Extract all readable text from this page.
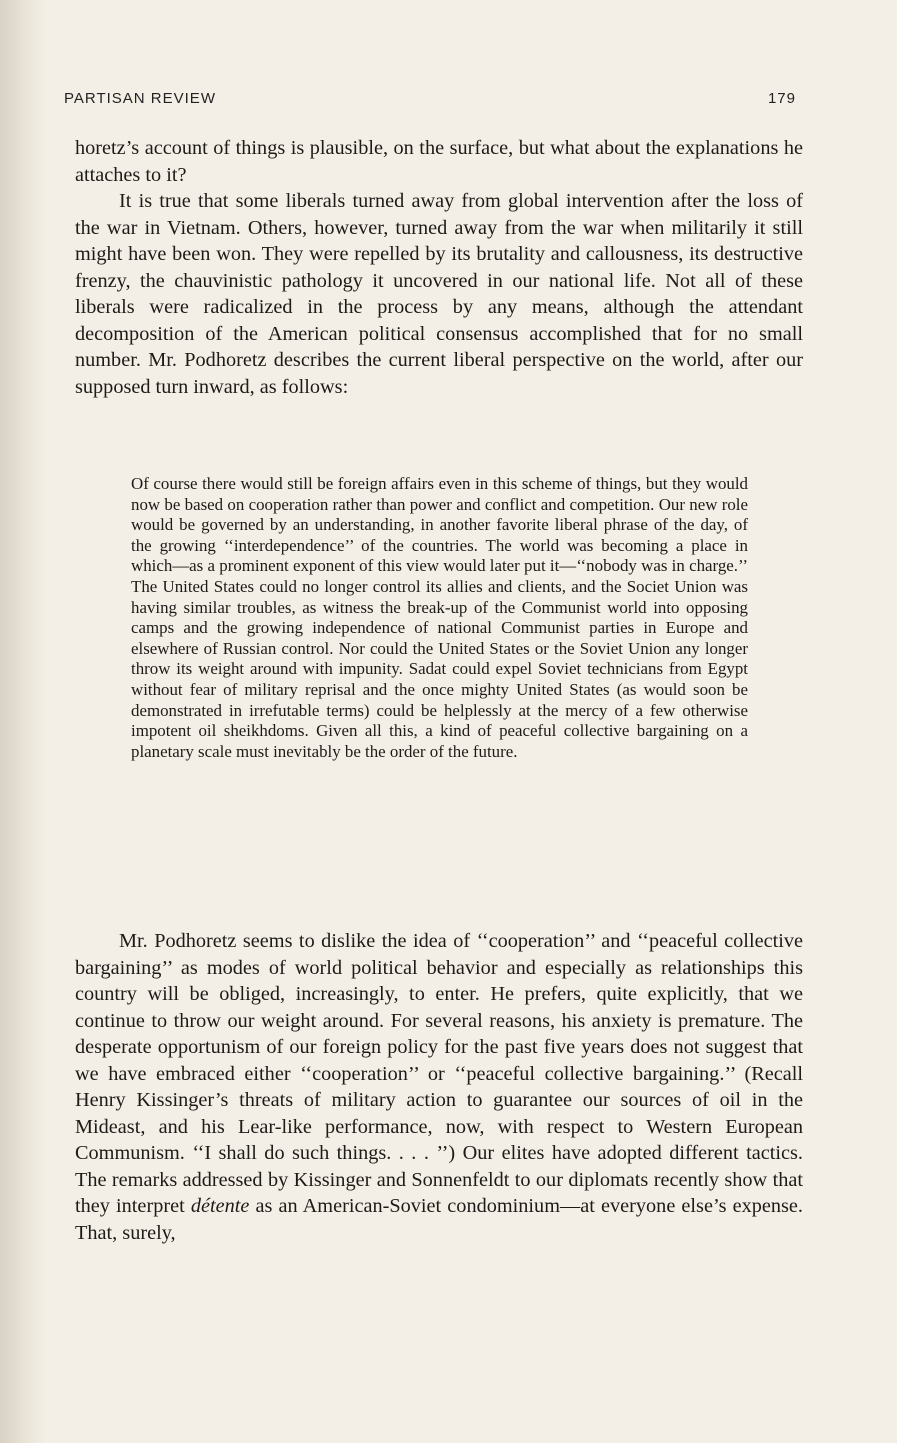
PARTISAN REVIEW	179

horetz’s account of things is plausible, on the surface, but what about the explanations he attaches to it?

It is true that some liberals turned away from global intervention after the loss of the war in Vietnam. Others, however, turned away from the war when militarily it still might have been won. They were repelled by its brutality and callousness, its destructive frenzy, the chauvinistic pathology it uncovered in our national life. Not all of these liberals were radicalized in the process by any means, although the attendant decomposition of the American political consensus accomplished that for no small number. Mr. Podhoretz describes the current liberal perspective on the world, after our supposed turn inward, as follows:

Of course there would still be foreign affairs even in this scheme of things, but they would now be based on cooperation rather than power and conflict and competition. Our new role would be governed by an understanding, in another favorite liberal phrase of the day, of the growing ‘‘interdependence’’ of the countries. The world was becoming a place in which—as a prominent exponent of this view would later put it—‘‘nobody was in charge.’’ The United States could no longer control its allies and clients, and the Societ Union was having similar troubles, as witness the break-up of the Communist world into opposing camps and the growing independence of national Communist parties in Europe and elsewhere of Russian control. Nor could the United States or the Soviet Union any longer throw its weight around with impunity. Sadat could expel Soviet technicians from Egypt without fear of military reprisal and the once mighty United States (as would soon be demonstrated in irrefutable terms) could be helplessly at the mercy of a few otherwise impotent oil sheikhdoms. Given all this, a kind of peaceful collective bargaining on a planetary scale must inevitably be the order of the future.

Mr. Podhoretz seems to dislike the idea of ‘‘cooperation’’ and ‘‘peaceful collective bargaining’’ as modes of world political behavior and especially as relationships this country will be obliged, increasingly, to enter. He prefers, quite explicitly, that we continue to throw our weight around. For several reasons, his anxiety is premature. The desperate opportunism of our foreign policy for the past five years does not suggest that we have embraced either ‘‘cooperation’’ or ‘‘peaceful collective bargaining.’’ (Recall Henry Kissinger’s threats of military action to guarantee our sources of oil in the Mideast, and his Lear-like performance, now, with respect to Western European Communism. ‘‘I shall do such things. . . . ’’) Our elites have adopted different tactics. The remarks addressed by Kissinger and Sonnenfeldt to our diplomats recently show that they interpret détente as an American-Soviet condominium—at everyone else’s expense. That, surely,
